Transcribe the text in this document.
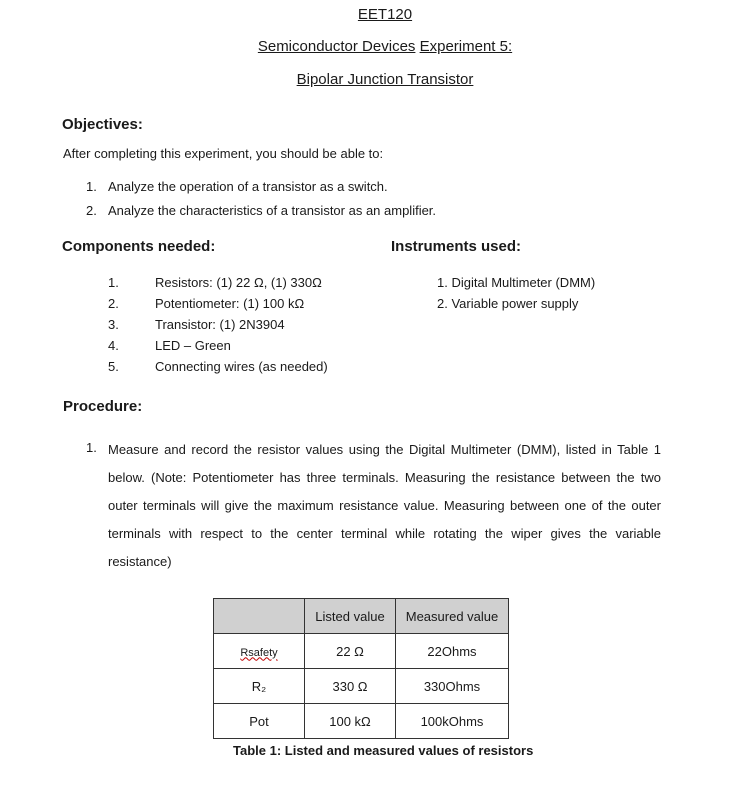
EET120
Semiconductor Devices Experiment 5:
Bipolar Junction Transistor
Objectives:
After completing this experiment, you should be able to:
1. Analyze the operation of a transistor as a switch.
2. Analyze the characteristics of a transistor as an amplifier.
Components needed:
1.	Resistors: (1) 22 Ω, (1) 330Ω
2.	Potentiometer: (1) 100 kΩ
3.	Transistor: (1) 2N3904
4.	LED – Green
5.	Connecting wires (as needed)
Instruments used:
1. Digital Multimeter (DMM)
2. Variable power supply
Procedure:
1. Measure and record the resistor values using the Digital Multimeter (DMM), listed in Table 1 below. (Note: Potentiometer has three terminals. Measuring the resistance between the two outer terminals will give the maximum resistance value. Measuring between one of the outer terminals with respect to the center terminal while rotating the wiper gives the variable resistance)
	Listed value	Measured value
Rsafety	22 Ω	22Ohms
R₂	330 Ω	330Ohms
Pot	100 kΩ	100kOhms
Table 1: Listed and measured values of resistors
